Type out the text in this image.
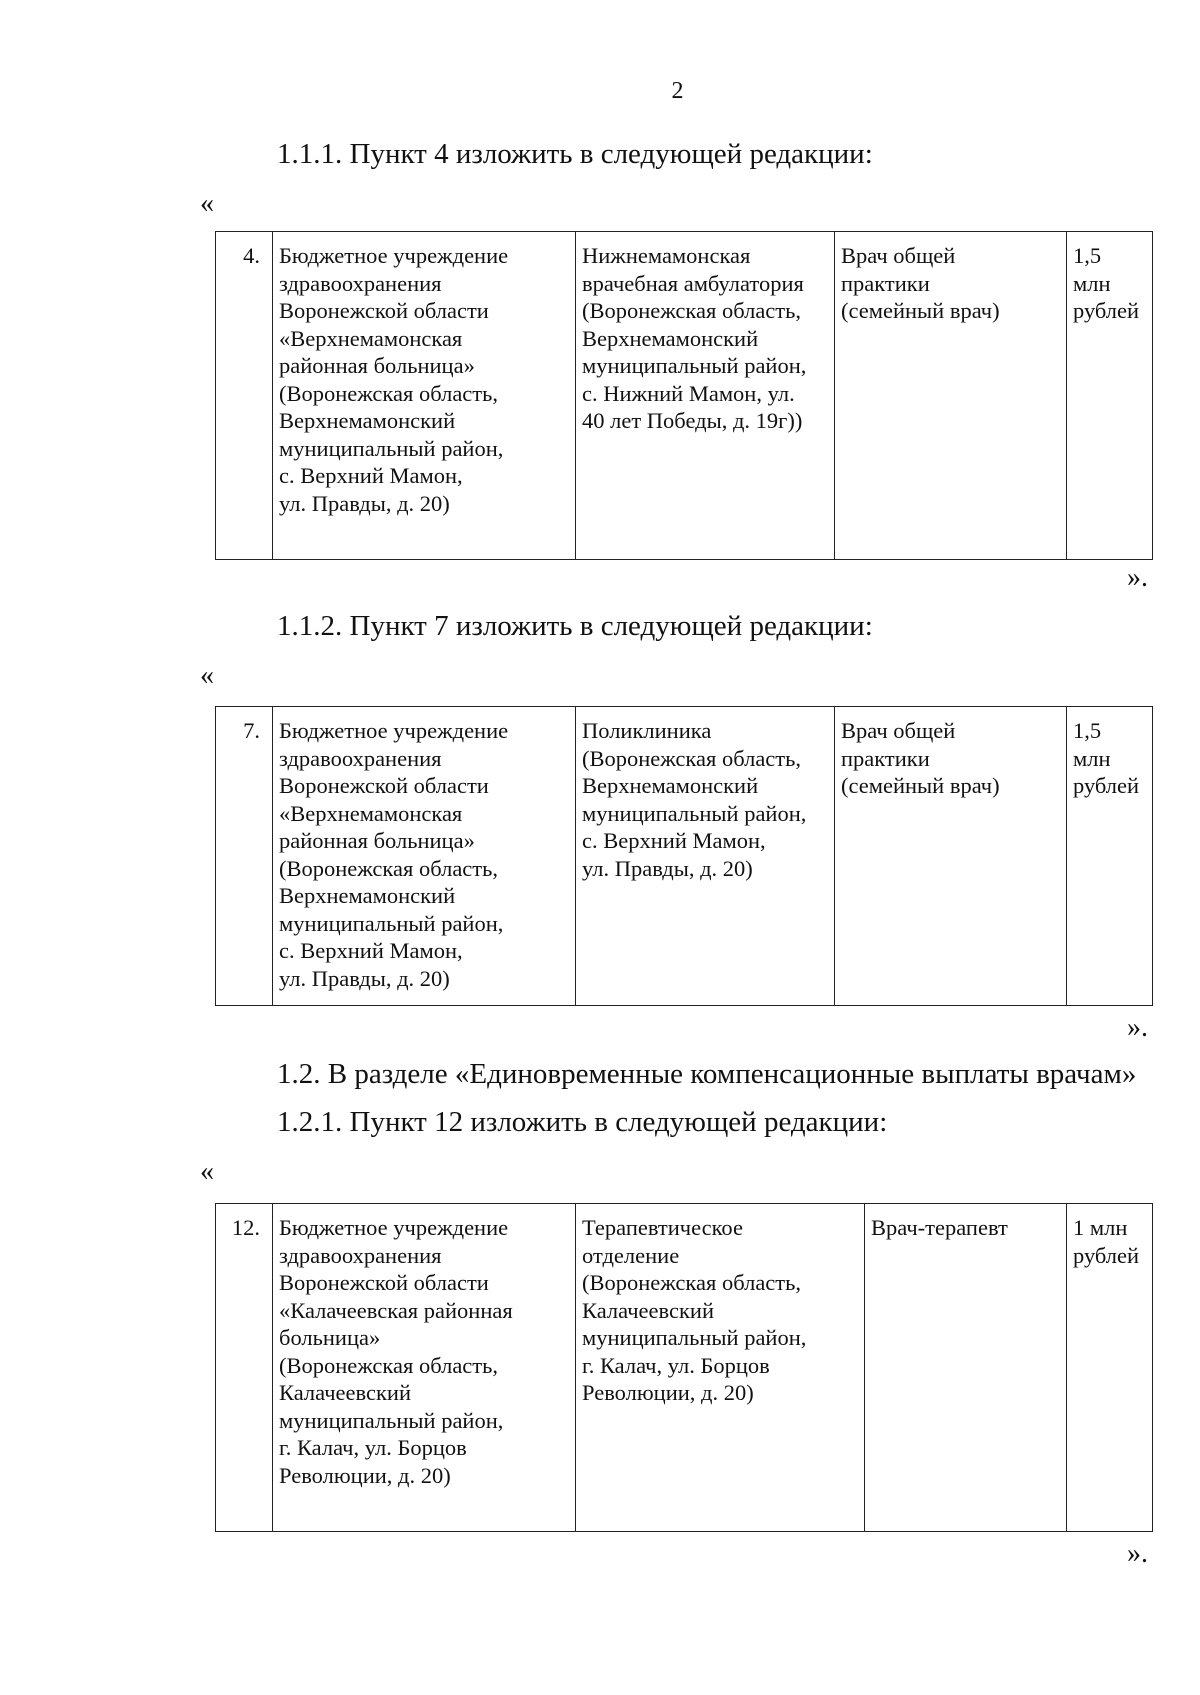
2
1.1.1. Пункт 4 изложить в следующей редакции:
«
4.	Бюджетное учреждение
здравоохранения
Воронежской области
«Верхнемамонская
районная больница»
(Воронежская область,
Верхнемамонский
муниципальный район,
с. Верхний Мамон,
ул. Правды, д. 20)	Нижнемамонская
врачебная амбулатория
(Воронежская область,
Верхнемамонский
муниципальный район,
с. Нижний Мамон, ул.
40 лет Победы, д. 19г))	Врач общей
практики
(семейный врач)	1,5
млн
рублей
».
1.1.2. Пункт 7 изложить в следующей редакции:
«
7.	Бюджетное учреждение
здравоохранения
Воронежской области
«Верхнемамонская
районная больница»
(Воронежская область,
Верхнемамонский
муниципальный район,
с. Верхний Мамон,
ул. Правды, д. 20)	Поликлиника
(Воронежская область,
Верхнемамонский
муниципальный район,
с. Верхний Мамон,
ул. Правды, д. 20)	Врач общей
практики
(семейный врач)	1,5
млн
рублей
».
1.2. В разделе «Единовременные компенсационные выплаты врачам»
1.2.1. Пункт 12 изложить в следующей редакции:
«
12.	Бюджетное учреждение
здравоохранения
Воронежской области
«Калачеевская районная
больница»
(Воронежская область,
Калачеевский
муниципальный район,
г. Калач, ул. Борцов
Революции, д. 20)	Терапевтическое
отделение
(Воронежская область,
Калачеевский
муниципальный район,
г. Калач, ул. Борцов
Революции, д. 20)	Врач-терапевт	1 млн
рублей
».
